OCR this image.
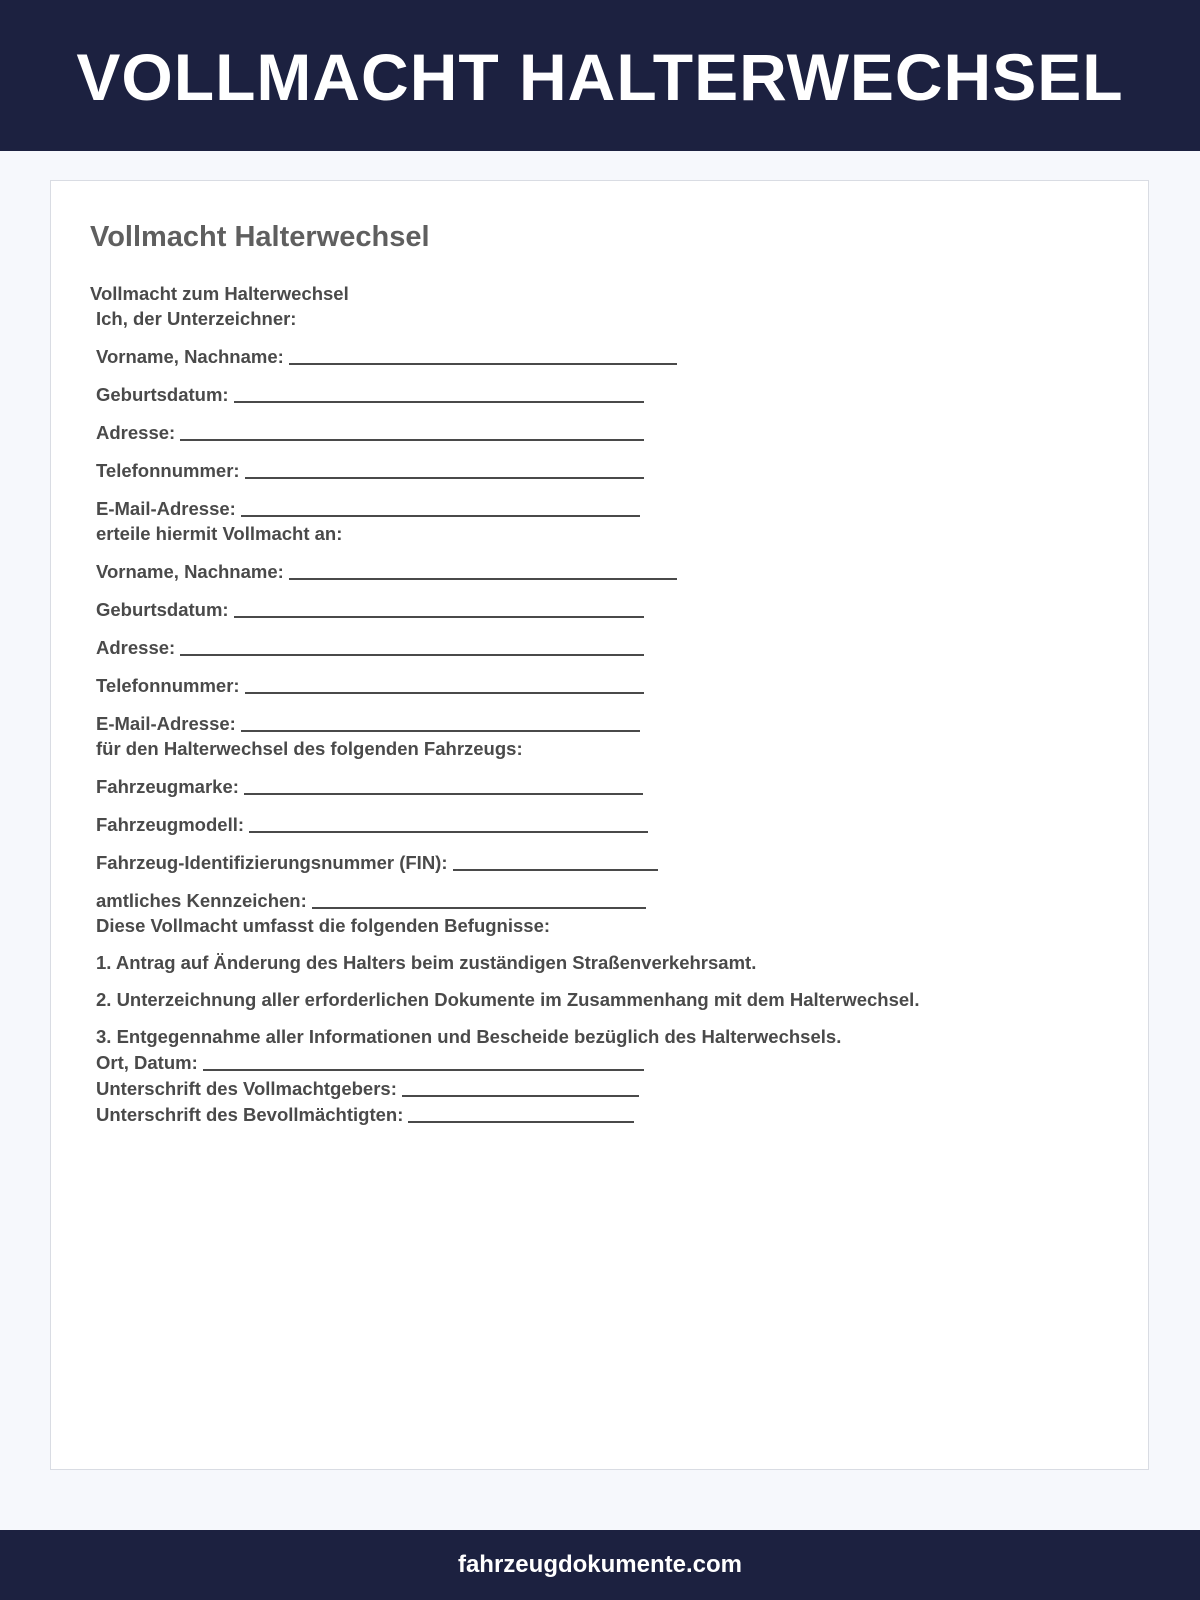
VOLLMACHT HALTERWECHSEL
Vollmacht Halterwechsel

Vollmacht zum Halterwechsel

Ich, der Unterzeichner:

Vorname, Nachname:

Geburtsdatum:

Adresse:

Telefonnummer:

E-Mail-Adresse:

erteile hiermit Vollmacht an:

Vorname, Nachname:

Geburtsdatum:

Adresse:

Telefonnummer:

E-Mail-Adresse:

für den Halterwechsel des folgenden Fahrzeugs:

Fahrzeugmarke:

Fahrzeugmodell:

Fahrzeug-Identifizierungsnummer (FIN):

amtliches Kennzeichen:

Diese Vollmacht umfasst die folgenden Befugnisse:

1. Antrag auf Änderung des Halters beim zuständigen Straßenverkehrsamt.

2. Unterzeichnung aller erforderlichen Dokumente im Zusammenhang mit dem Halterwechsel.

3. Entgegennahme aller Informationen und Bescheide bezüglich des Halterwechsels.

Ort, Datum:

Unterschrift des Vollmachtgebers:

Unterschrift des Bevollmächtigten:

fahrzeugdokumente.com
